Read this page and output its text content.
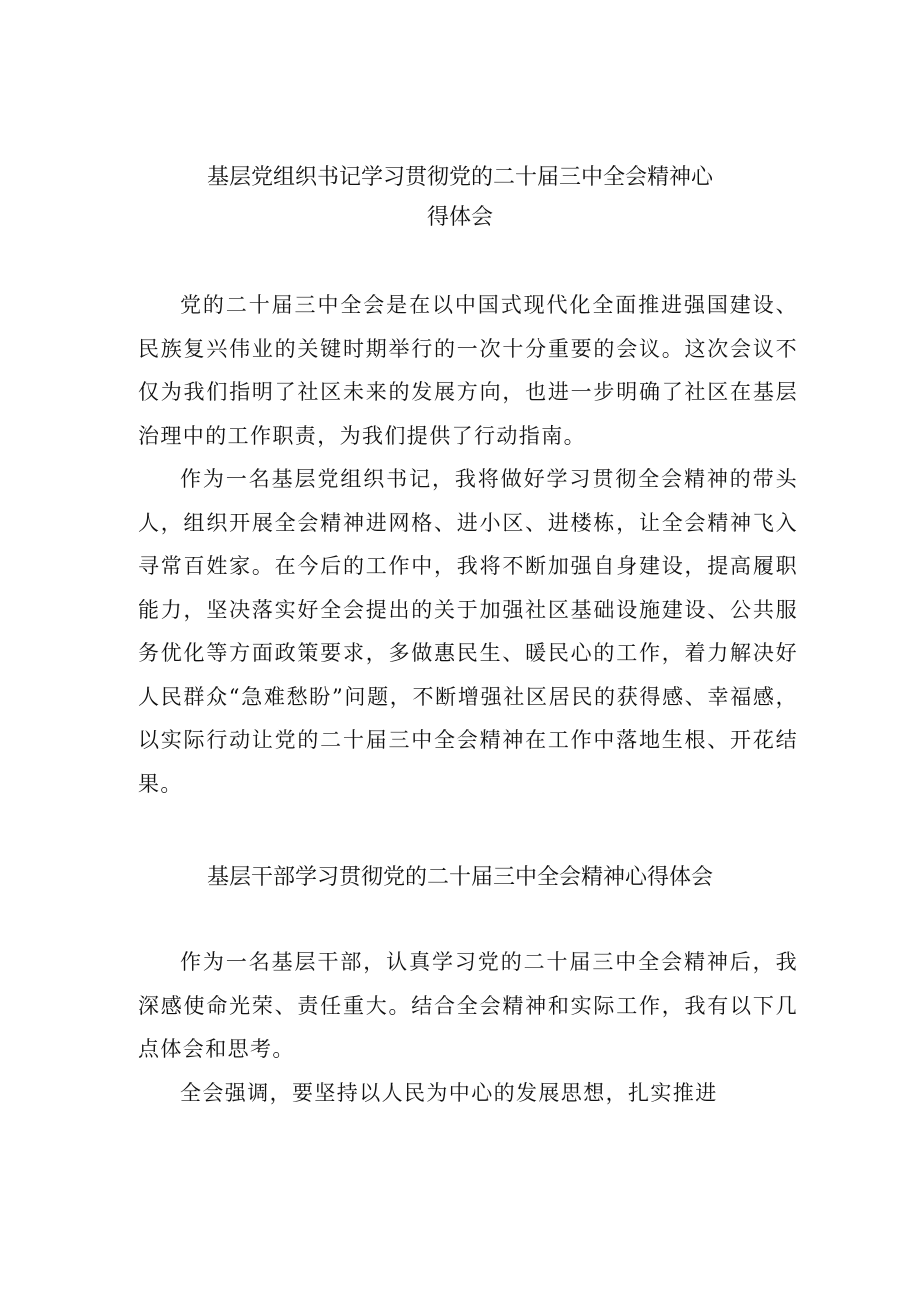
基层党组织书记学习贯彻党的二十届三中全会精神心
得体会

党的二十届三中全会是在以中国式现代化全面推进强国建设、民族复兴伟业的关键时期举行的一次十分重要的会议。这次会议不仅为我们指明了社区未来的发展方向，也进一步明确了社区在基层治理中的工作职责，为我们提供了行动指南。

作为一名基层党组织书记，我将做好学习贯彻全会精神的带头人，组织开展全会精神进网格、进小区、进楼栋，让全会精神飞入寻常百姓家。在今后的工作中，我将不断加强自身建设，提高履职能力，坚决落实好全会提出的关于加强社区基础设施建设、公共服务优化等方面政策要求，多做惠民生、暖民心的工作，着力解决好人民群众“急难愁盼”问题，不断增强社区居民的获得感、幸福感，以实际行动让党的二十届三中全会精神在工作中落地生根、开花结果。

基层干部学习贯彻党的二十届三中全会精神心得体会

作为一名基层干部，认真学习党的二十届三中全会精神后，我深感使命光荣、责任重大。结合全会精神和实际工作，我有以下几点体会和思考。

全会强调，要坚持以人民为中心的发展思想，扎实推进
